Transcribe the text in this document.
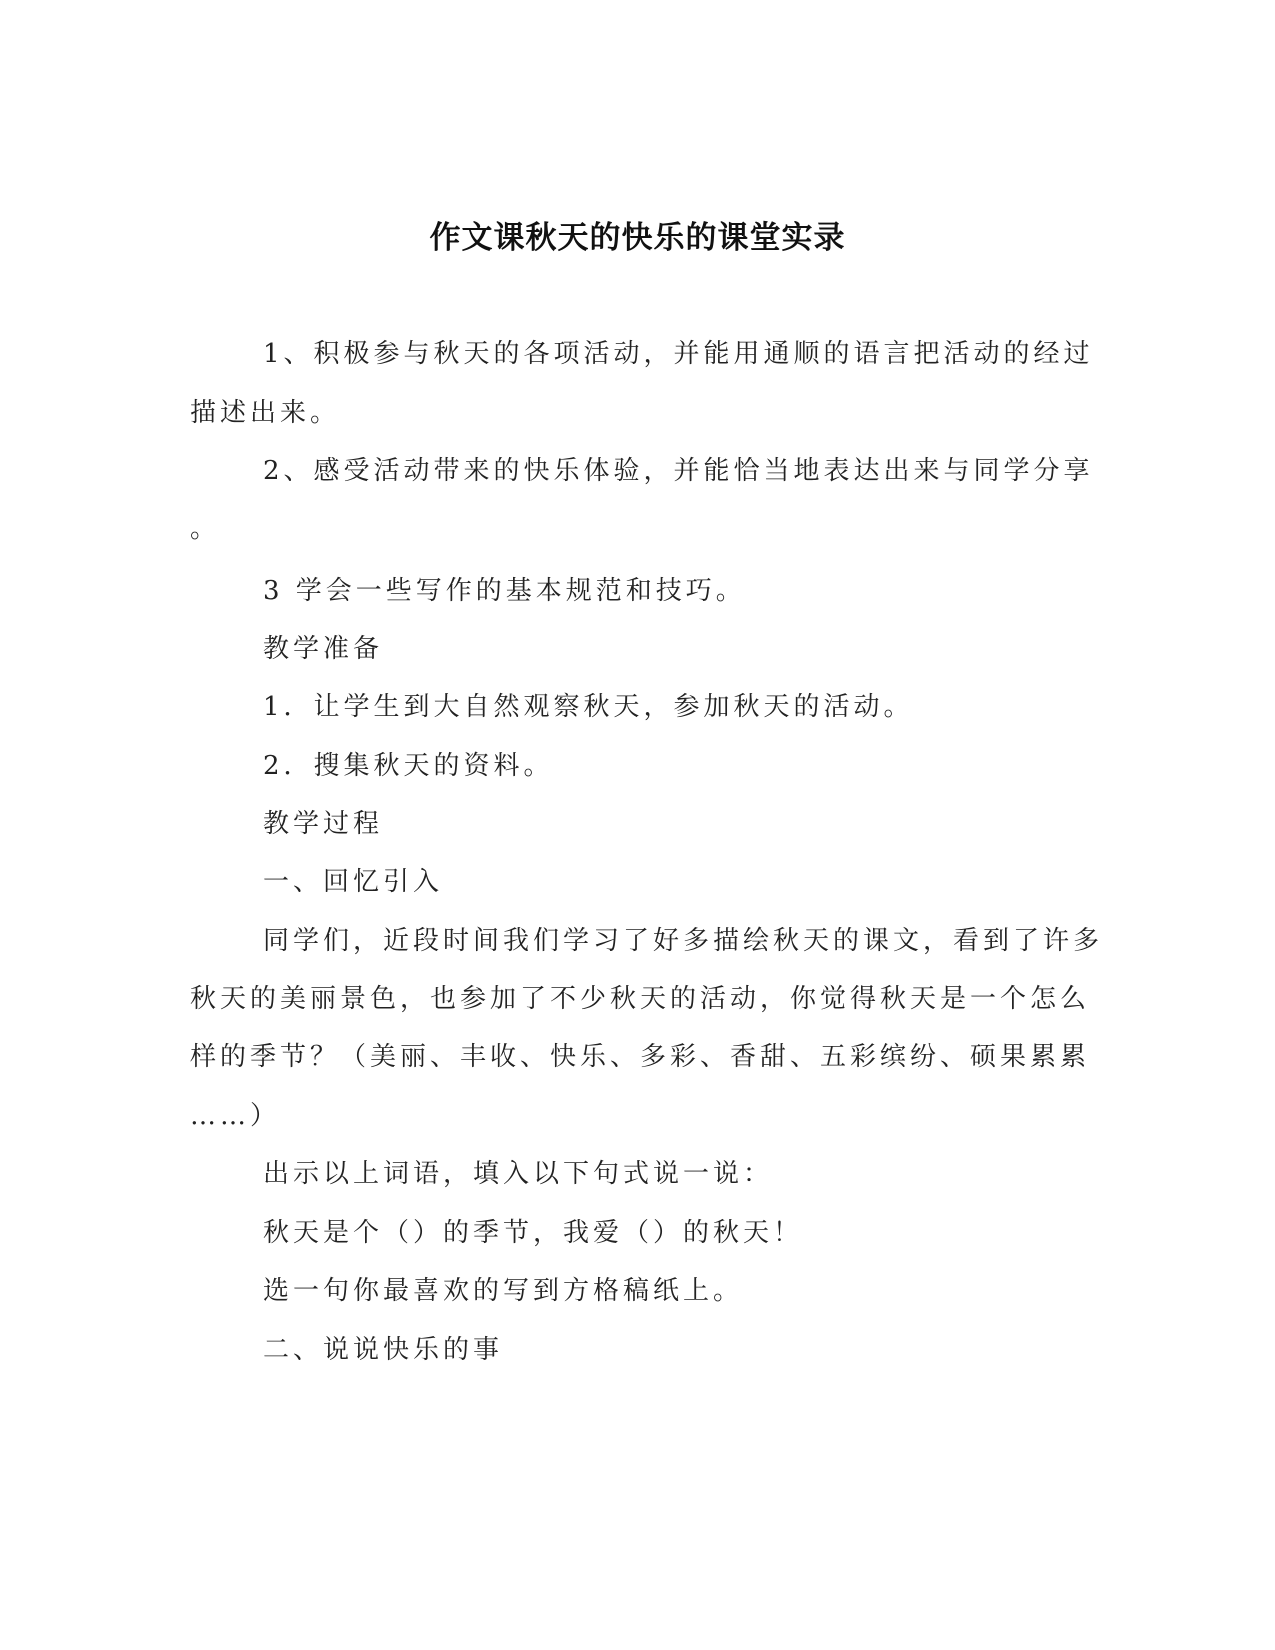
作文课秋天的快乐的课堂实录

1、积极参与秋天的各项活动，并能用通顺的语言把活动的经过

描述出来。

2、感受活动带来的快乐体验，并能恰当地表达出来与同学分享

。

3 学会一些写作的基本规范和技巧。

教学准备

1．让学生到大自然观察秋天，参加秋天的活动。

2．搜集秋天的资料。

教学过程

一、回忆引入

同学们，近段时间我们学习了好多描绘秋天的课文，看到了许多

秋天的美丽景色，也参加了不少秋天的活动，你觉得秋天是一个怎么

样的季节？（美丽、丰收、快乐、多彩、香甜、五彩缤纷、硕果累累

……）

出示以上词语，填入以下句式说一说：

秋天是个（）的季节，我爱（）的秋天！

选一句你最喜欢的写到方格稿纸上。

二、说说快乐的事
